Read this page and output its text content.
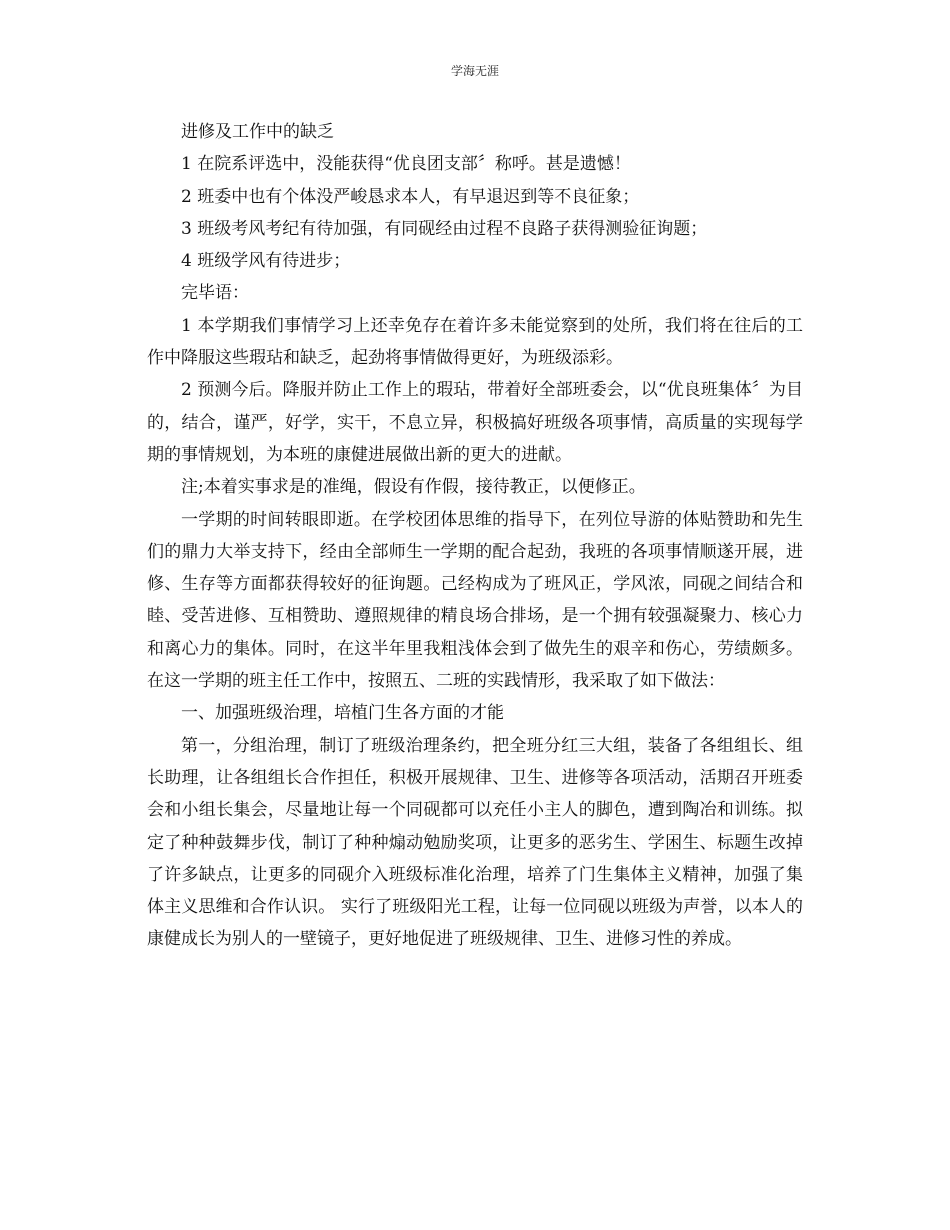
学海无涯

进修及工作中的缺乏

1 在院系评选中，没能获得“优良团支部〞称呼。甚是遗憾！

2 班委中也有个体没严峻恳求本人，有早退迟到等不良征象；

3 班级考风考纪有待加强，有同砚经由过程不良路子获得测验征询题；

4 班级学风有待进步；

完毕语：

1 本学期我们事情学习上还幸免存在着许多未能觉察到的处所，我们将在往后的工作中降服这些瑕玷和缺乏，起劲将事情做得更好，为班级添彩。

2 预测今后。降服并防止工作上的瑕玷，带着好全部班委会，以“优良班集体〞为目的，结合，谨严，好学，实干，不息立异，积极搞好班级各项事情，高质量的实现每学期的事情规划，为本班的康健进展做出新的更大的进献。

注;本着实事求是的准绳，假设有作假，接待教正，以便修正。

一学期的时间转眼即逝。在学校团体思维的指导下，在列位导游的体贴赞助和先生们的鼎力大举支持下，经由全部师生一学期的配合起劲，我班的各项事情顺遂开展，进修、生存等方面都获得较好的征询题。己经构成为了班风正，学风浓，同砚之间结合和睦、受苦进修、互相赞助、遵照规律的精良场合排场，是一个拥有较强凝聚力、核心力和离心力的集体。同时，在这半年里我粗浅体会到了做先生的艰辛和伤心，劳绩颇多。在这一学期的班主任工作中，按照五、二班的实践情形，我采取了如下做法：

一、加强班级治理，培植门生各方面的才能

第一，分组治理，制订了班级治理条约，把全班分红三大组，装备了各组组长、组长助理，让各组组长合作担任，积极开展规律、卫生、进修等各项活动，活期召开班委会和小组长集会，尽量地让每一个同砚都可以充任小主人的脚色，遭到陶冶和训练。拟定了种种鼓舞步伐，制订了种种煽动勉励奖项，让更多的恶劣生、学困生、标题生改掉了许多缺点，让更多的同砚介入班级标准化治理，培养了门生集体主义精神，加强了集体主义思维和合作认识。 实行了班级阳光工程，让每一位同砚以班级为声誉，以本人的康健成长为别人的一壁镜子，更好地促进了班级规律、卫生、进修习性的养成。
